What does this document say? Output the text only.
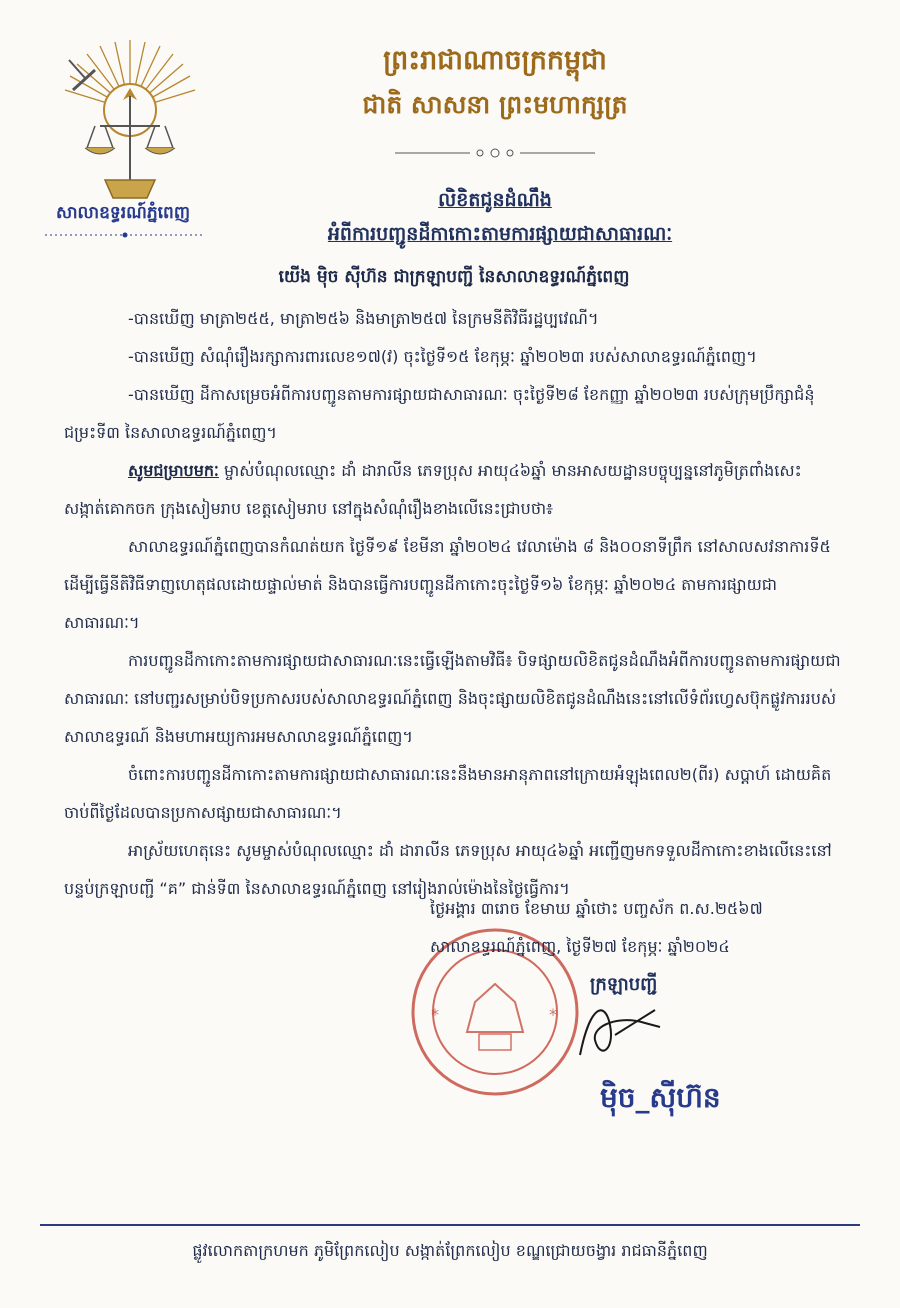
សាលាឧទ្ធរណ៍ភ្នំពេញ
ព្រះរាជាណាចក្រកម្ពុជា
ជាតិ សាសនា ព្រះមហាក្សត្រ
លិខិតជូនដំណឹង
អំពីការបញ្ជូនដីកាកោះតាមការផ្សាយជាសាធារណៈ

យើង ម៉ិច ស៊ីហ៊ន ជាក្រឡាបញ្ជី នៃសាលាឧទ្ធរណ៍ភ្នំពេញ

-បានឃើញ មាត្រា២៥៥, មាត្រា២៥៦ និងមាត្រា២៥៧ នៃក្រមនីតិវិធីរដ្ឋប្បវេណី។

-បានឃើញ សំណុំរឿងរក្សាការពារលេខ១៧(វ) ចុះថ្ងៃទី១៥ ខែកុម្ភៈ ឆ្នាំ២០២៣ របស់សាលាឧទ្ធរណ៍ភ្នំពេញ។

-បានឃើញ ដីកាសម្រេចអំពីការបញ្ជូនតាមការផ្សាយជាសាធារណៈ ចុះថ្ងៃទី២៨ ខែកញ្ញា ឆ្នាំ២០២៣ របស់ក្រុមប្រឹក្សាជំនុំជម្រះទី៣ នៃសាលាឧទ្ធរណ៍ភ្នំពេញ។

សូមជម្រាបមកៈ ម្ចាស់បំណុលឈ្មោះ ដាំ ដារាលីន ភេទប្រុស អាយុ៤៦ឆ្នាំ មានអាសយដ្ឋានបច្ចុប្បន្ននៅភូមិត្រពាំងសេះ សង្កាត់គោកចក ក្រុងសៀមរាប ខេត្តសៀមរាប នៅក្នុងសំណុំរឿងខាងលើនេះជ្រាបថា៖

សាលាឧទ្ធរណ៍ភ្នំពេញបានកំណត់យក ថ្ងៃទី១៩ ខែមីនា ឆ្នាំ២០២៤ វេលាម៉ោង ៨ និង០០នាទីព្រឹក នៅសាលសវនាការទី៥ ដើម្បីធ្វើនីតិវិធីទាញហេតុផលដោយផ្ទាល់មាត់ និងបានធ្វើការបញ្ជូនដីកាកោះចុះថ្ងៃទី១៦ ខែកុម្ភៈ ឆ្នាំ២០២៤ តាមការផ្សាយជាសាធារណៈ។

ការបញ្ជូនដីកាកោះតាមការផ្សាយជាសាធារណៈនេះធ្វើឡើងតាមវិធី៖ បិទផ្សាយលិខិតជូនដំណឹងអំពីការបញ្ជូនតាមការផ្សាយជាសាធារណៈ នៅបញ្ជរសម្រាប់បិទប្រកាសរបស់សាលាឧទ្ធរណ៍ភ្នំពេញ និងចុះផ្សាយលិខិតជូនដំណឹងនេះនៅលើទំព័រហ្វេសប៊ុកផ្លូវការរបស់សាលាឧទ្ធរណ៍ និងមហាអយ្យការអមសាលាឧទ្ធរណ៍ភ្នំពេញ។

ចំពោះការបញ្ជូនដីកាកោះតាមការផ្សាយជាសាធារណៈនេះនឹងមានអានុភាពនៅក្រោយអំឡុងពេល២(ពីរ) សប្តាហ៍ ដោយគិតចាប់ពីថ្ងៃដែលបានប្រកាសផ្សាយជាសាធារណៈ។

អាស្រ័យហេតុនេះ សូមម្ចាស់បំណុលឈ្មោះ ដាំ ដារាលីន ភេទប្រុស អាយុ៤៦ឆ្នាំ អញ្ជើញមកទទួលដីកាកោះខាងលើនេះនៅបន្ទប់ក្រឡាបញ្ជី “គ” ជាន់ទី៣ នៃសាលាឧទ្ធរណ៍ភ្នំពេញ នៅរៀងរាល់ម៉ោងនៃថ្ងៃធ្វើការ។

*	*
ថ្ងៃអង្គារ ៣រោច ខែមាឃ ឆ្នាំថោះ បញ្ចស័ក ព.ស.២៥៦៧
សាលាឧទ្ធរណ៍ភ្នំពេញ, ថ្ងៃទី២៧ ខែកុម្ភៈ ឆ្នាំ២០២៤
ក្រឡាបញ្ជី
ម៉ិច_ស៊ីហ៊ន
ផ្លូវលោកតាក្រហមក ភូមិព្រែកលៀប សង្កាត់ព្រែកលៀប ខណ្ឌជ្រោយចង្វារ រាជធានីភ្នំពេញ
